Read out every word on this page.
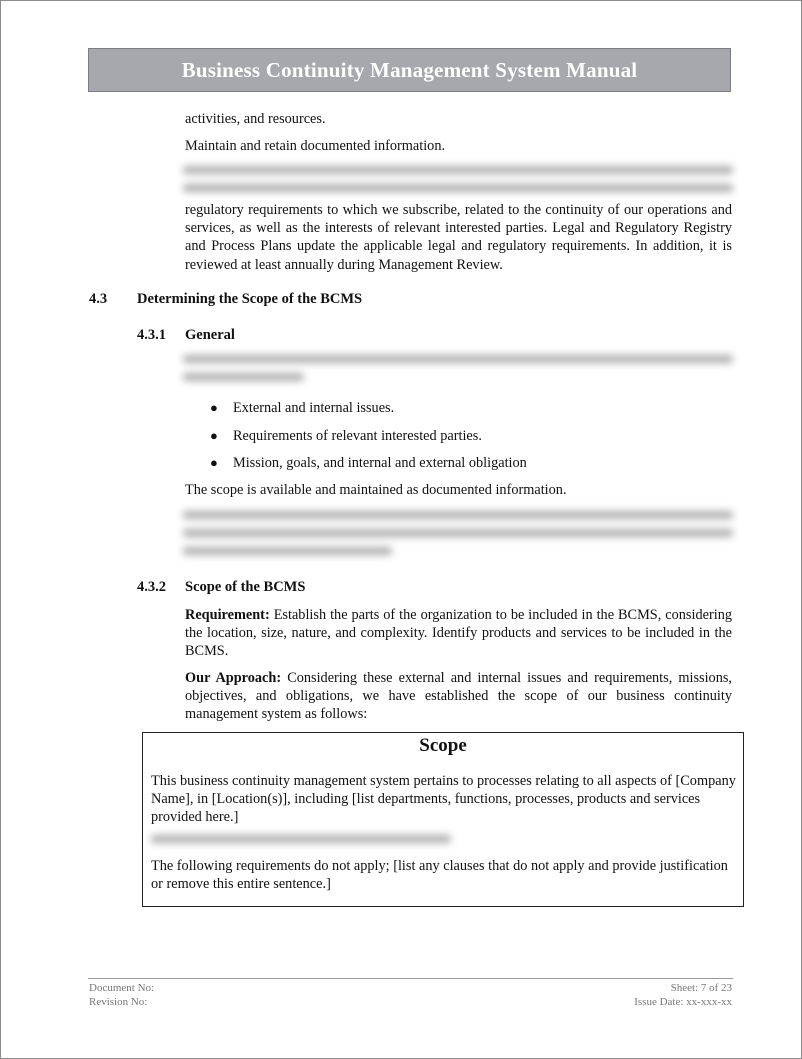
Business Continuity Management System Manual
activities, and resources.
Maintain and retain documented information.
regulatory requirements to which we subscribe, related to the continuity of our operations and services, as well as the interests of relevant interested parties. Legal and Regulatory Registry and Process Plans update the applicable legal and regulatory requirements. In addition, it is reviewed at least annually during Management Review.
4.3 Determining the Scope of the BCMS
4.3.1 General
● External and internal issues.
● Requirements of relevant interested parties.
● Mission, goals, and internal and external obligation
The scope is available and maintained as documented information.
4.3.2 Scope of the BCMS
Requirement: Establish the parts of the organization to be included in the BCMS, considering the location, size, nature, and complexity. Identify products and services to be included in the BCMS.
Our Approach: Considering these external and internal issues and requirements, missions, objectives, and obligations, we have established the scope of our business continuity management system as follows:
Scope
This business continuity management system pertains to processes relating to all aspects of [Company Name], in [Location(s)], including [list departments, functions, processes, products and services provided here.]
The following requirements do not apply; [list any clauses that do not apply and provide justification or remove this entire sentence.]
Document No:
Revision No:
Sheet: 7 of 23
Issue Date: xx-xxx-xx
